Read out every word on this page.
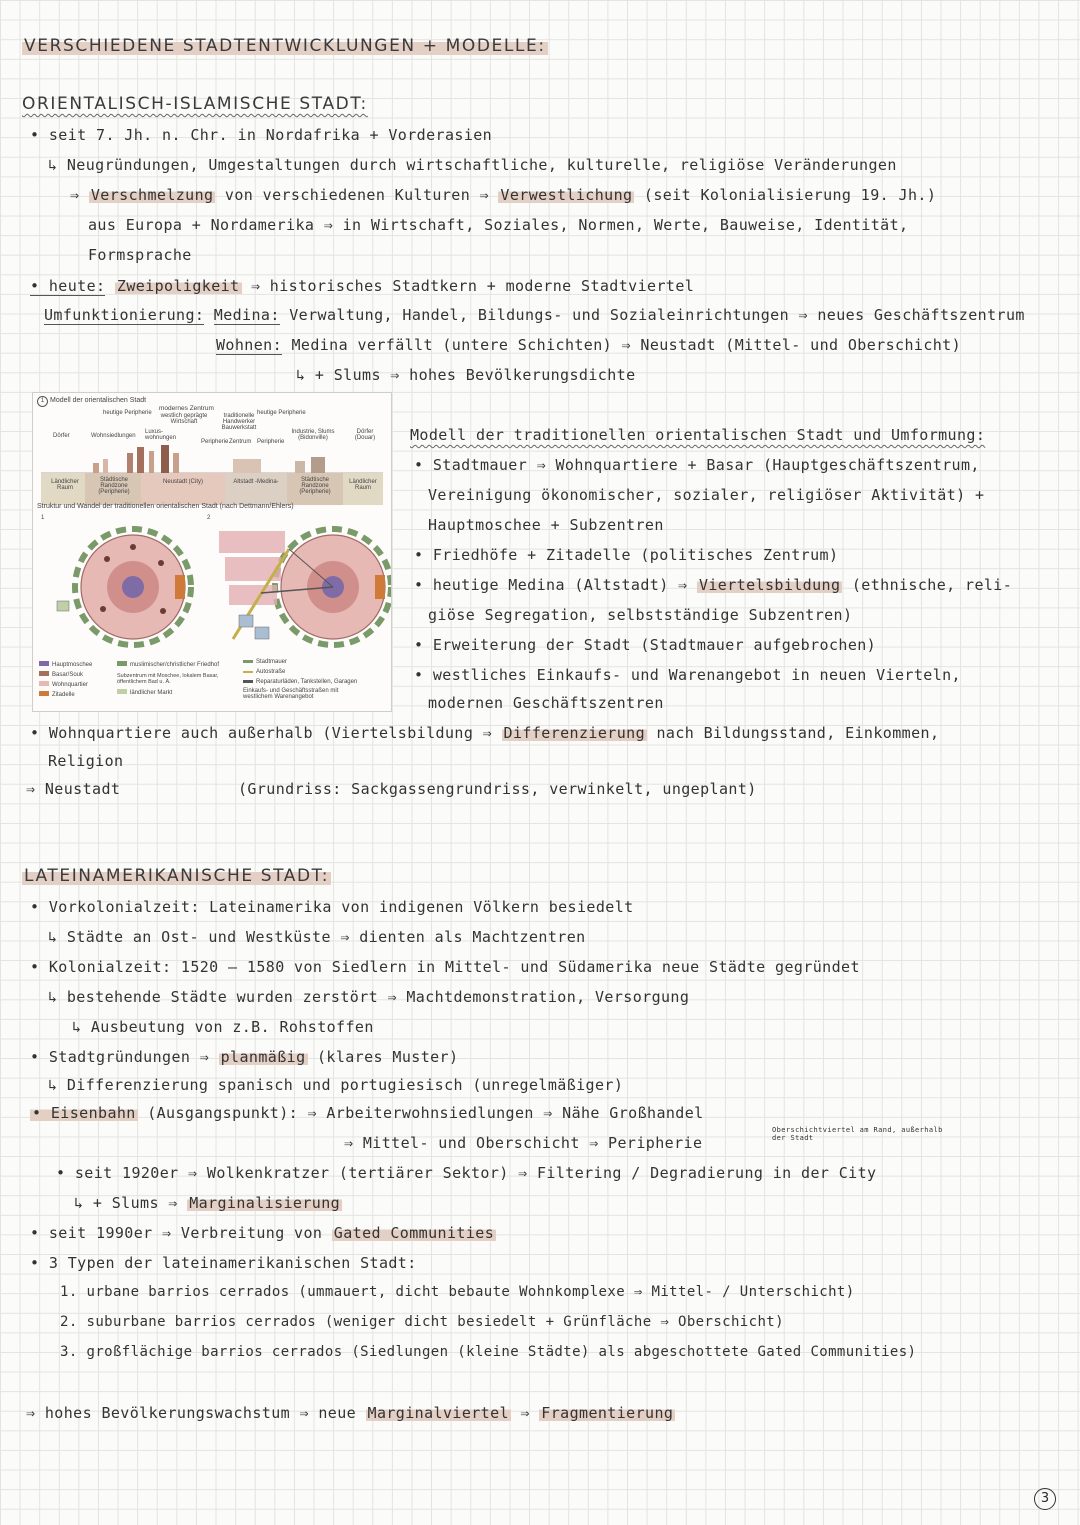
VERSCHIEDENE STADTENTWICKLUNGEN + MODELLE:
ORIENTALISCH-ISLAMISCHE STADT:
• seit 7. Jh. n. Chr. in Nordafrika + Vorderasien
↳ Neugründungen, Umgestaltungen durch wirtschaftliche, kulturelle, religiöse Veränderungen
⇒ Verschmelzung von verschiedenen Kulturen ⇒ Verwestlichung (seit Kolonialisierung 19. Jh.)
aus Europa + Nordamerika ⇒ in Wirtschaft, Soziales, Normen, Werte, Bauweise, Identität,
Formsprache
• heute: Zweipoligkeit ⇒ historisches Stadtkern + moderne Stadtviertel
Umfunktionierung: Medina: Verwaltung, Handel, Bildungs- und Sozialeinrichtungen ⇒ neues Geschäftszentrum
Wohnen: Medina verfällt (untere Schichten) ⇒ Neustadt (Mittel- und Oberschicht)
↳ + Slums ⇒ hohes Bevölkerungsdichte
1 Modell der orientalischen Stadt
heutige Peripherie
modernes Zentrum
westlich geprägte Wirtschaft
traditionelle Handwerker Bauwerkstatt
heutige Peripherie
Dörfer	Wohnsiedlungen
Luxus-wohnungen
Peripherie Zentrum Peripherie
Industrie, Slums (Bidonville)
Dörfer (Douar)
Ländlicher Raum
Städtische Randzone (Peripherie)
Neustadt (City)	Altstadt -Medina-	Städtische Randzone (Peripherie)
Ländlicher Raum
Struktur und Wandel der traditionellen orientalischen Stadt (nach Dettmann/Ehlers)
1	2
Hauptmoschee
Basar/Souk
Wohnquartier
Zitadelle
muslimischer/christlicher Friedhof
Subzentrum mit Moschee, lokalem Basar, öffentlichem Bad u. Ä.
ländlicher Markt
Stadtmauer
Autostraße
Reparaturläden, Tankstellen, Garagen
Einkaufs- und Geschäftsstraßen mit westlichem Warenangebot
Modell der traditionellen orientalischen Stadt und Umformung:
• Stadtmauer ⇒ Wohnquartiere + Basar (Hauptgeschäftszentrum,
Vereinigung ökonomischer, sozialer, religiöser Aktivität) +
Hauptmoschee + Subzentren
• Friedhöfe + Zitadelle (politisches Zentrum)
• heutige Medina (Altstadt) ⇒ Viertelsbildung (ethnische, reli-
giöse Segregation, selbstständige Subzentren)
• Erweiterung der Stadt (Stadtmauer aufgebrochen)
• westliches Einkaufs- und Warenangebot in neuen Vierteln,
modernen Geschäftszentren
• Wohnquartiere auch außerhalb (Viertelsbildung ⇒ Differenzierung nach Bildungsstand, Einkommen,
Religion
⇒ Neustadt	(Grundriss: Sackgassengrundriss, verwinkelt, ungeplant)
LATEINAMERIKANISCHE STADT:
• Vorkolonialzeit: Lateinamerika von indigenen Völkern besiedelt
↳ Städte an Ost- und Westküste ⇒ dienten als Machtzentren
• Kolonialzeit: 1520 – 1580 von Siedlern in Mittel- und Südamerika neue Städte gegründet
↳ bestehende Städte wurden zerstört ⇒ Machtdemonstration, Versorgung
↳ Ausbeutung von z.B. Rohstoffen
• Stadtgründungen ⇒ planmäßig (klares Muster)
↳ Differenzierung spanisch und portugiesisch (unregelmäßiger)
• Eisenbahn (Ausgangspunkt): ⇒ Arbeiterwohnsiedlungen ⇒ Nähe Großhandel
⇒ Mittel- und Oberschicht ⇒ Peripherie
Oberschichtviertel am Rand, außerhalb der Stadt
• seit 1920er ⇒ Wolkenkratzer (tertiärer Sektor) ⇒ Filtering / Degradierung in der City
↳ + Slums ⇒ Marginalisierung
• seit 1990er ⇒ Verbreitung von Gated Communities
• 3 Typen der lateinamerikanischen Stadt:
1. urbane barrios cerrados (ummauert, dicht bebaute Wohnkomplexe ⇒ Mittel- / Unterschicht)
2. suburbane barrios cerrados (weniger dicht besiedelt + Grünfläche ⇒ Oberschicht)
3. großflächige barrios cerrados (Siedlungen (kleine Städte) als abgeschottete Gated Communities)
⇒ hohes Bevölkerungswachstum ⇒ neue Marginalviertel ⇒ Fragmentierung
3
